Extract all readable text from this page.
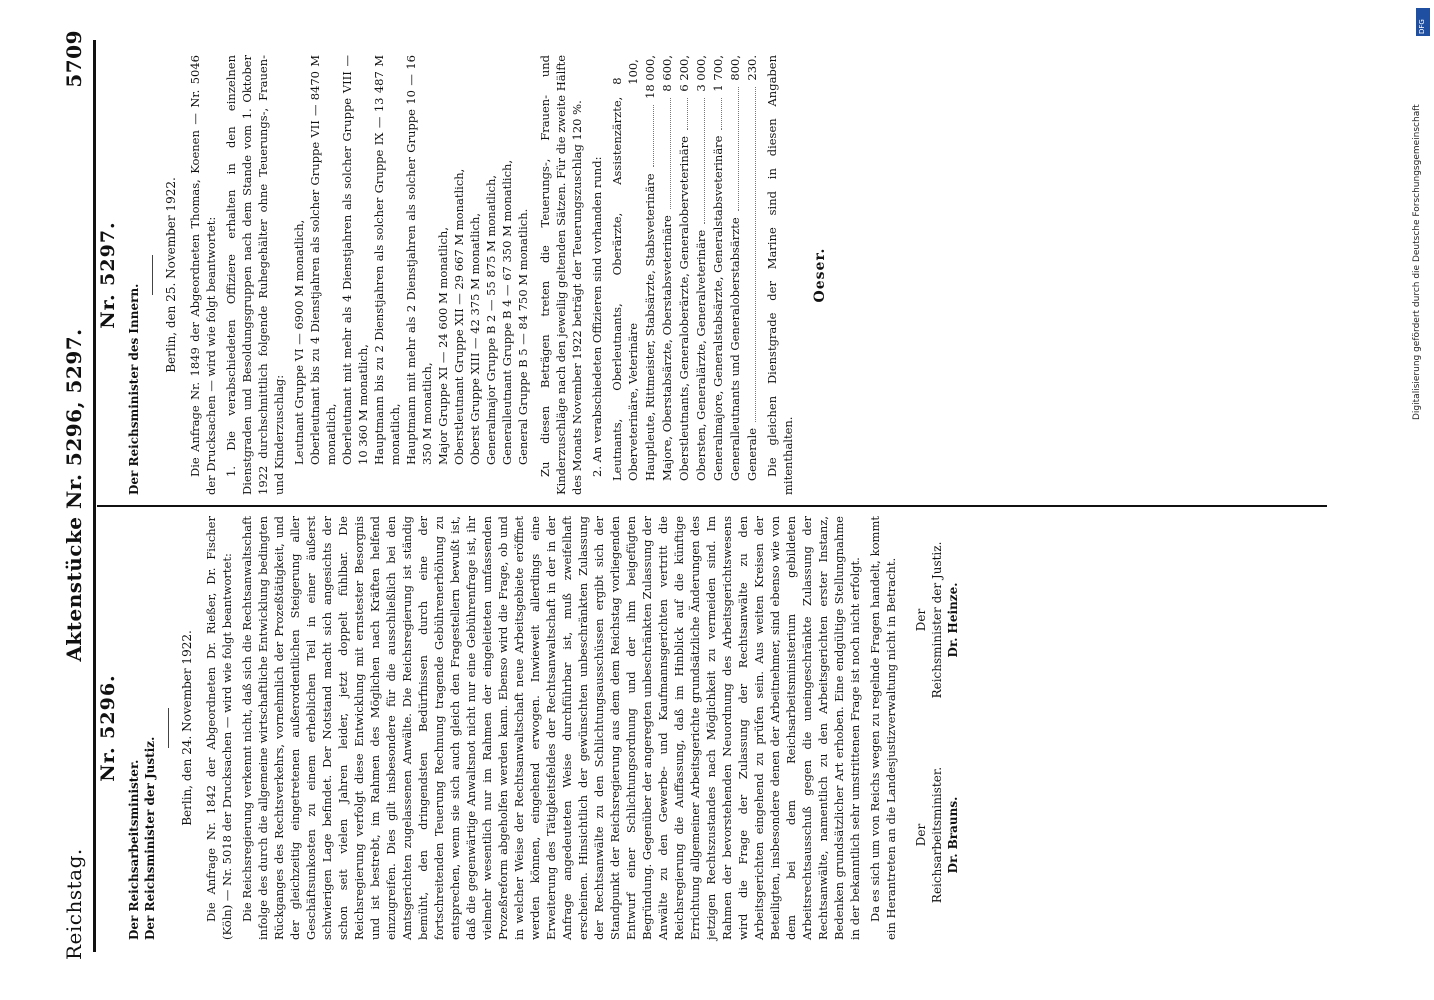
Reichstag.
Aktenstücke Nr. 5296, 5297.
5709
Nr. 5296.
Der Reichsarbeitsminister. Der Reichsminister der Justiz.
Berlin, den 24. November 1922. Die Anfrage Nr. 1842 der Abgeordneten Dr. Rießer, Dr. Fischer (Köln) — Nr. 5018 der Drucksachen — wird wie folgt beantwortet: Die Reichsregierung verkennt nicht, daß sich die Rechtsanwaltschaft infolge des durch die allgemeine wirtschaftliche Entwicklung bedingten Rückganges des Rechtsverkehrs, vornehmlich der Prozeßtätigkeit, und der gleichzeitig eingetretenen außerordentlichen Steigerung aller Geschäftsunkosten zu einem erheblichen Teil in einer äußerst schwierigen Lage befindet. Der Notstand macht sich angesichts der schon seit vielen Jahren leider, jetzt doppelt fühlbar. Die Reichsregierung verfolgt diese Entwicklung mit ernstester Besorgnis und ist bestrebt, im Rahmen des Möglichen nach Kräften helfend einzugreifen. Dies gilt insbesondere für die ausschließlich bei den Amtsgerichten zugelassenen Anwälte. Die Reichsregierung ist ständig bemüht, den dringendsten Bedürfnissen durch eine der fortschreitenden Teuerung Rechnung tragende Gebührenerhöhung zu entsprechen, wenn sie sich auch gleich den Fragestellern bewußt ist, daß die gegenwärtige Anwaltsnot nicht nur eine Gebührenfrage ist, ihr vielmehr wesentlich nur im Rahmen der eingeleiteten umfassenden Prozeßreform abgeholfen werden kann. Ebenso wird die Frage, ob und in welcher Weise der Rechtsanwaltschaft neue Arbeitsgebiete eröffnet werden können, eingehend erwogen. Inwieweit allerdings eine Erweiterung des Tätigkeitsfeldes der Rechtsanwaltschaft in der in der Anfrage angedeuteten Weise durchführbar ist, muß zweifelhaft erscheinen. Hinsichtlich der gewünschten unbeschränkten Zulassung der Rechtsanwälte zu den Schlichtungsausschüssen ergibt sich der Standpunkt der Reichsregierung aus dem dem Reichstag vorliegenden Entwurf einer Schlichtungsordnung und der ihm beigefügten Begründung. Gegenüber der angeregten unbeschränkten Zulassung der Anwälte zu den Gewerbe- und Kaufmannsgerichten vertritt die Reichsregierung die Auffassung, daß im Hinblick auf die künftige Errichtung allgemeiner Arbeitsgerichte grundsätzliche Änderungen des jetzigen Rechtszustandes nach Möglichkeit zu vermeiden sind. Im Rahmen der bevorstehenden Neuordnung des Arbeitsgerichtswesens wird die Frage der Zulassung der Rechtsanwälte zu den Arbeitsgerichten eingehend zu prüfen sein. Aus weiten Kreisen der Beteiligten, insbesondere denen der Arbeitnehmer, sind ebenso wie von dem bei dem Reichsarbeitsministerium gebildeten Arbeitsrechtsausschuß gegen die uneingeschränkte Zulassung der Rechtsanwälte, namentlich zu den Arbeitsgerichten erster Instanz, Bedenken grundsätzlicher Art erhoben. Eine endgültige Stellungnahme in der bekanntlich sehr umstrittenen Frage ist noch nicht erfolgt. Da es sich um von Reichs wegen zu regelnde Fragen handelt, kommt ein Herantreten an die Landesjustizverwaltung nicht in Betracht. Der Reichsarbeitsminister. Dr. Brauns.
Der Reichsminister der Justiz. Dr. Heinze.
Nr. 5297.
Der Reichsminister des Innern.
Berlin, den 25. November 1922. Die Anfrage Nr. 1849 der Abgeordneten Thomas, Koenen — Nr. 5046 der Drucksachen — wird wie folgt beantwortet: 1. Die verabschiedeten Offiziere erhalten in den einzelnen Dienstgraden und Besoldungsgruppen nach dem Stande vom 1. Oktober 1922 durchschnittlich folgende Ruhegehälter ohne Teuerungs-, Frauen- und Kinderzuschlag: Leutnant Gruppe VI — 6900 M monatlich, Oberleutnant bis zu 4 Dienstjahren als solcher Gruppe VII — 8470 M monatlich, Oberleutnant mit mehr als 4 Dienstjahren als solcher Gruppe VIII — 10 360 M monatlich, Hauptmann bis zu 2 Dienstjahren als solcher Gruppe IX — 13 487 M monatlich, Hauptmann mit mehr als 2 Dienstjahren als solcher Gruppe 10 — 16 350 M monatlich, Major Gruppe XI — 24 600 M monatlich, Oberstleutnant Gruppe XII — 29 667 M monatlich, Oberst Gruppe XIII — 42 375 M monatlich, Generalmajor Gruppe B 2 — 55 875 M monatlich, Generalleutnant Gruppe B 4 — 67 350 M monatlich, General Gruppe B 5 — 84 750 M monatlich. Zu diesen Beträgen treten die Teuerungs-, Frauen- und Kinderzuschläge nach den jeweilig geltenden Sätzen. Für die zweite Hälfte des Monats November 1922 beträgt der Teuerungszuschlag 120 %. 2. An verabschiedeten Offizieren sind vorhanden rund: Leutnants, Oberleutnants, Oberärzte, Assistenzärzte, Oberveterinäre, Veterinäre
8 100,
Hauptleute, Rittmeister, Stabsärzte, Stabsveterinäre
18 000,
Majore, Oberstabsärzte, Oberstabsveterinäre
8 600,
Oberstleutnants, Generaloberärzte, Generaloberveterinäre
6 200,
Obersten, Generalärzte, Generalveterinäre
3 000,
Generalmajore, Generalstabsärzte, Generalstabsveterinäre
1 700,
Generalleutnants und Generaloberstabsärzte
800,
Generale
230. Die gleichen Dienstgrade der Marine sind in diesen Angaben mitenthalten.

Oeser.
DFG
Digitalisierung gefördert durch die Deutsche Forschungsgemeinschaft
